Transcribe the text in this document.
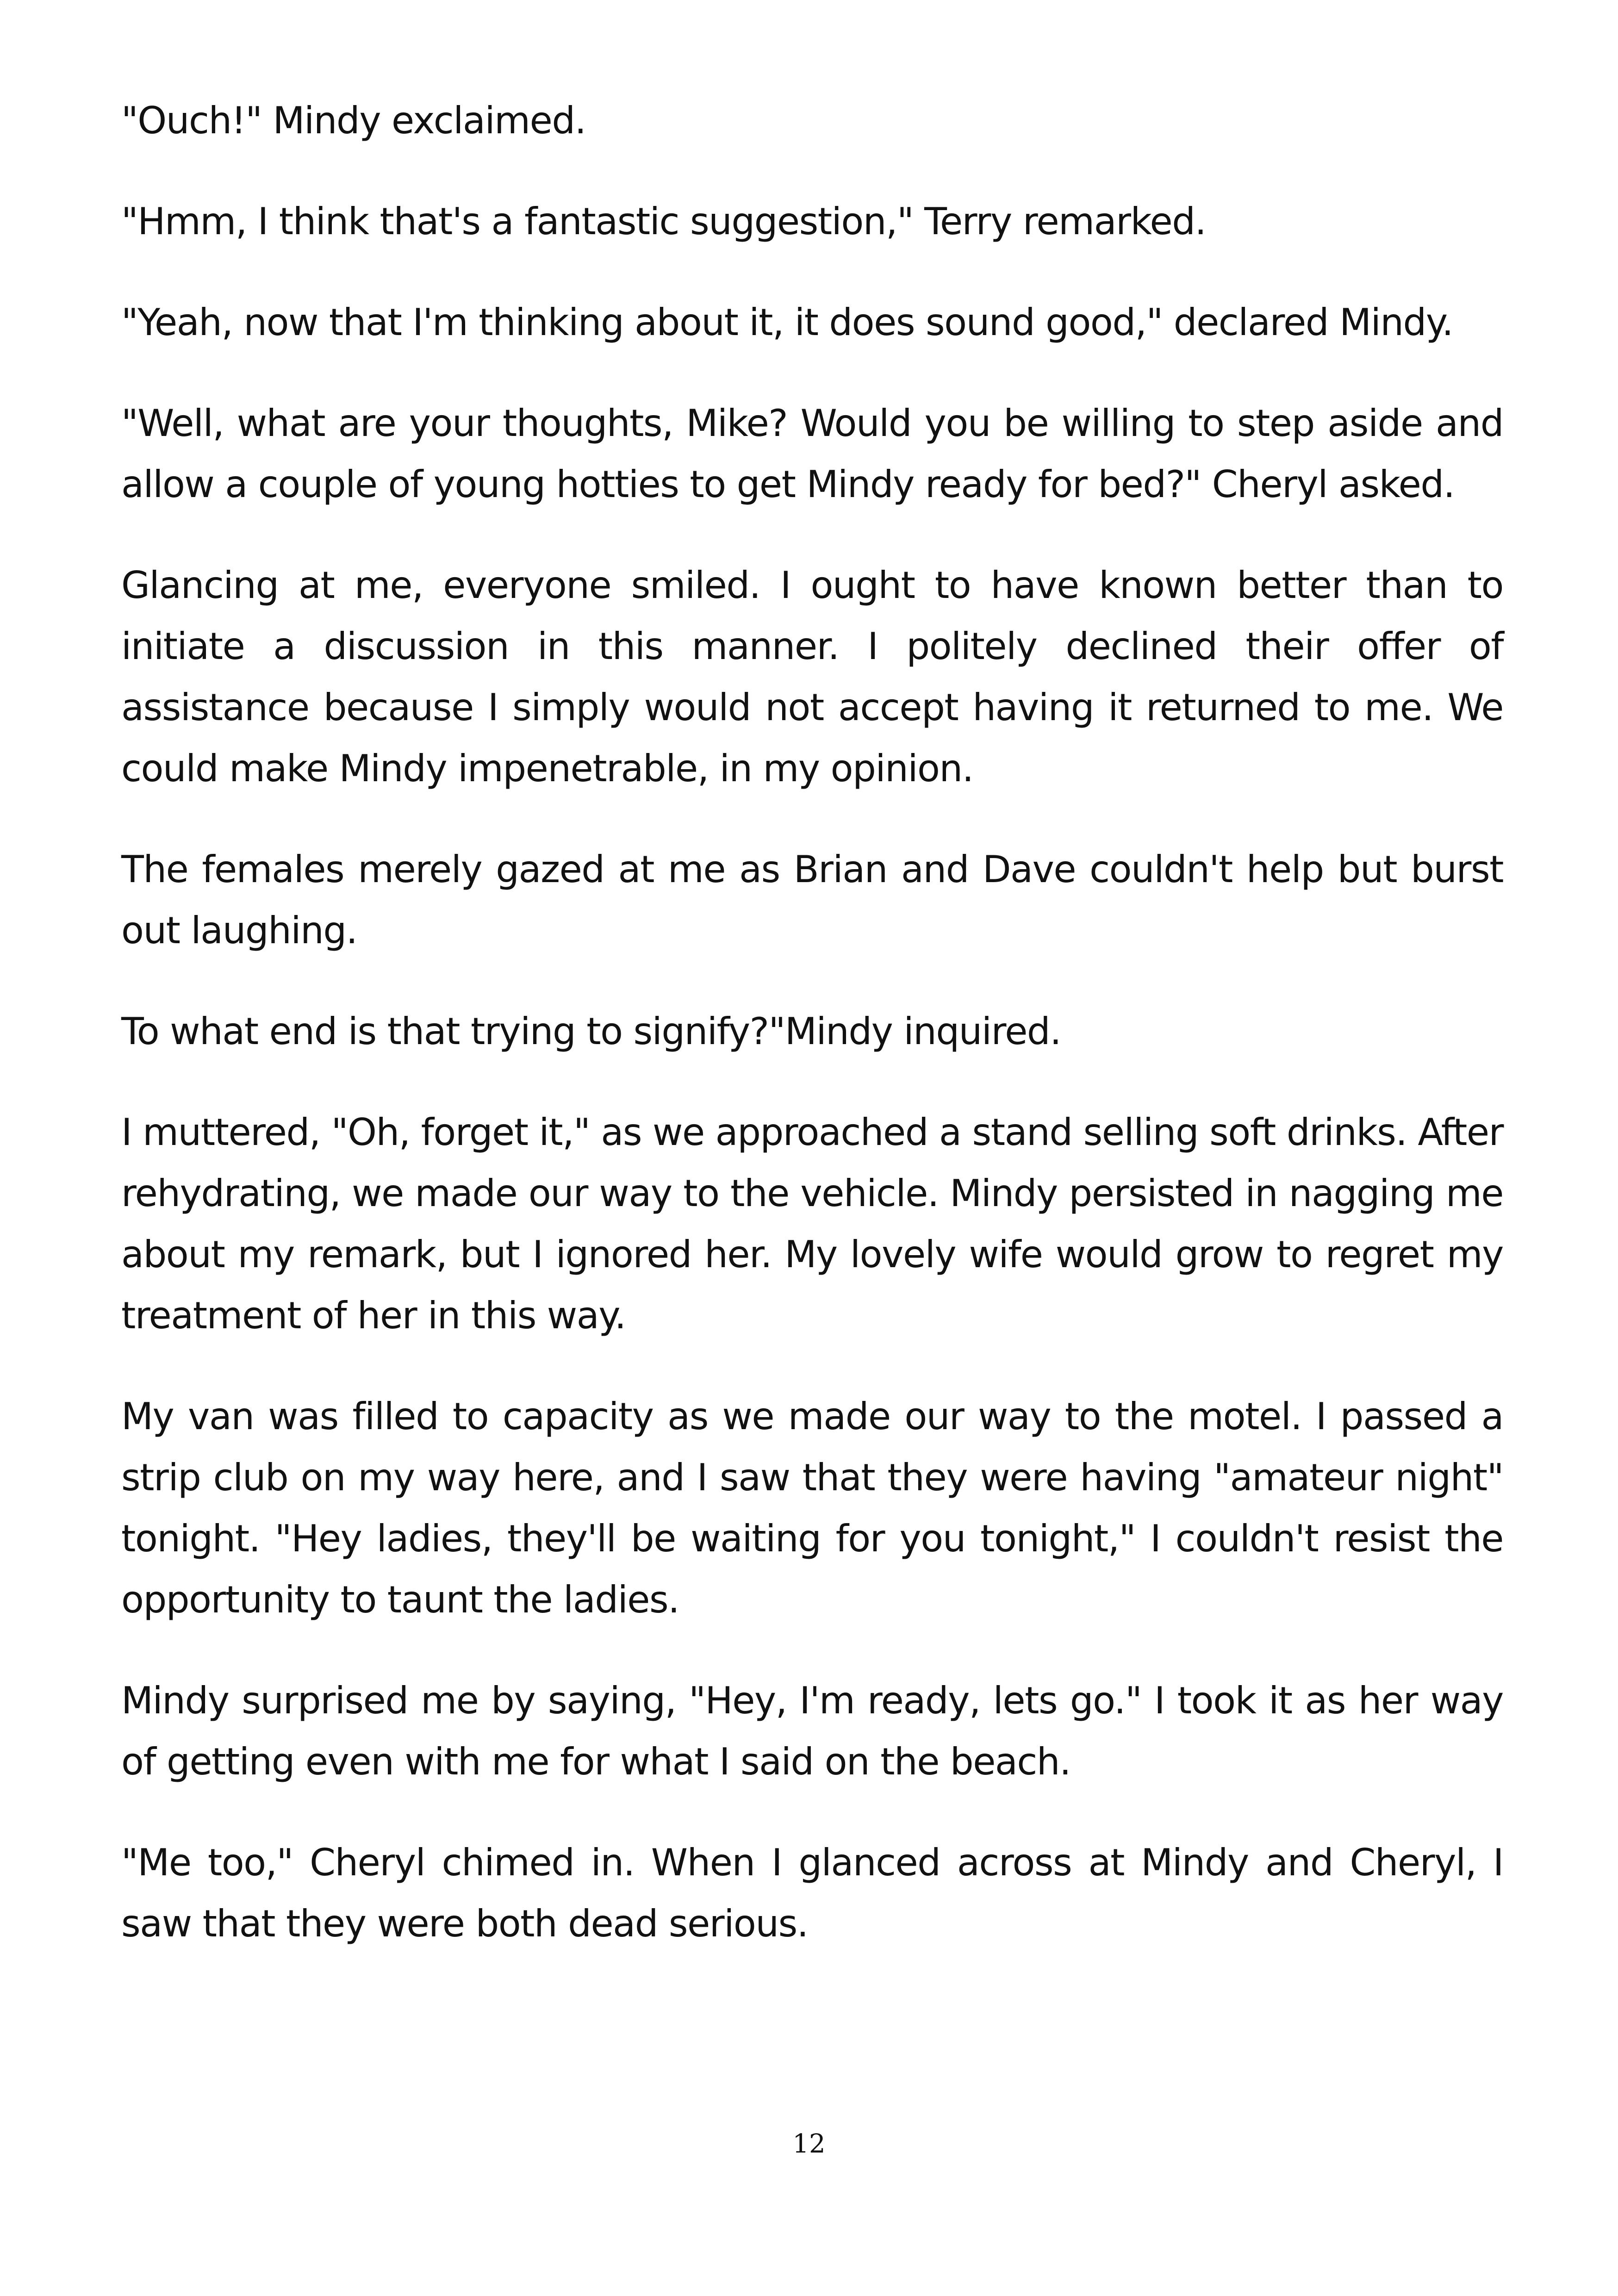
"Ouch!" Mindy exclaimed.

"Hmm, I think that's a fantastic suggestion," Terry remarked.

"Yeah, now that I'm thinking about it, it does sound good," declared Mindy.

"Well, what are your thoughts, Mike? Would you be willing to step aside and allow a couple of young hotties to get Mindy ready for bed?" Cheryl asked.

Glancing at me, everyone smiled. I ought to have known better than to initiate a discussion in this manner. I politely declined their offer of assistance because I simply would not accept having it returned to me. We could make Mindy impenetrable, in my opinion.

The females merely gazed at me as Brian and Dave couldn't help but burst out laughing.

To what end is that trying to signify?"Mindy inquired.

I muttered, "Oh, forget it," as we approached a stand selling soft drinks. After rehydrating, we made our way to the vehicle. Mindy persisted in nagging me about my remark, but I ignored her. My lovely wife would grow to regret my treatment of her in this way.

My van was filled to capacity as we made our way to the motel. I passed a strip club on my way here, and I saw that they were having "amateur night" tonight. "Hey ladies, they'll be waiting for you tonight," I couldn't resist the opportunity to taunt the ladies.

Mindy surprised me by saying, "Hey, I'm ready, lets go." I took it as her way of getting even with me for what I said on the beach.

"Me too," Cheryl chimed in. When I glanced across at Mindy and Cheryl, I saw that they were both dead serious.

12
